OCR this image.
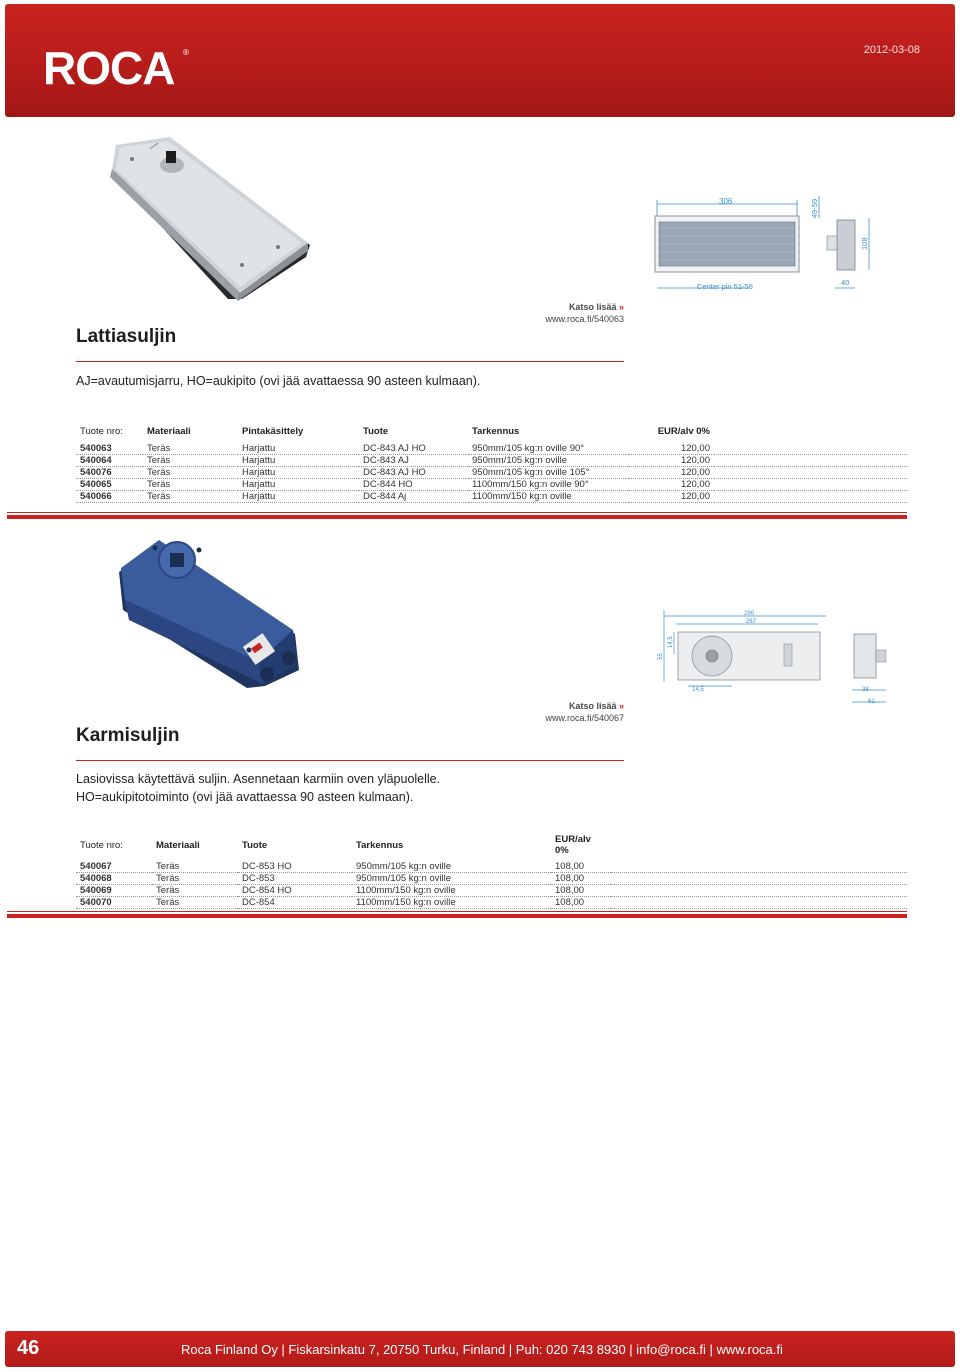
ROCA ®	2012-03-08
306
Center pin 51-58
49-59
108
40
Lattiasuljin
Katso lisää »
www.roca.fi/540063
AJ=avautumisjarru, HO=aukipito (ovi jää avattaessa 90 asteen kulmaan).
Tuote nro:	Materiaali	Pintakäsittely	Tuote	Tarkennus	EUR/alv 0%	
540063	Teräs	Harjattu	DC-843 AJ HO	950mm/105 kg:n oville 90°	120,00	
540064	Teräs	Harjattu	DC-843 AJ	950mm/105 kg:n oville	120,00	
540076	Teräs	Harjattu	DC-843 AJ HO	950mm/105 kg:n oville 105°	120,00	
540065	Teräs	Harjattu	DC-844 HO	1100mm/150 kg:n oville 90°	120,00	
540066	Teräs	Harjattu	DC-844 Aj	1100mm/150 kg:n oville	120,00	
290
267
55
14,5
14,5	38
61
Karmisuljin
Katso lisää »
www.roca.fi/540067
Lasiovissa käytettävä suljin. Asennetaan karmiin oven yläpuolelle.
HO=aukipitotoiminto (ovi jää avattaessa 90 asteen kulmaan).
Tuote nro:	Materiaali	Tuote	Tarkennus	EUR/alv 0%	
540067	Teräs	DC-853 HO	950mm/105 kg:n oville	108,00	
540068	Teräs	DC-853	950mm/105 kg:n oville	108,00	
540069	Teräs	DC-854 HO	1100mm/150 kg:n oville	108,00	
540070	Teräs	DC-854	1100mm/150 kg:n oville	108,00	
46	Roca Finland Oy | Fiskarsinkatu 7, 20750 Turku, Finland | Puh: 020 743 8930 | info@roca.fi | www.roca.fi
